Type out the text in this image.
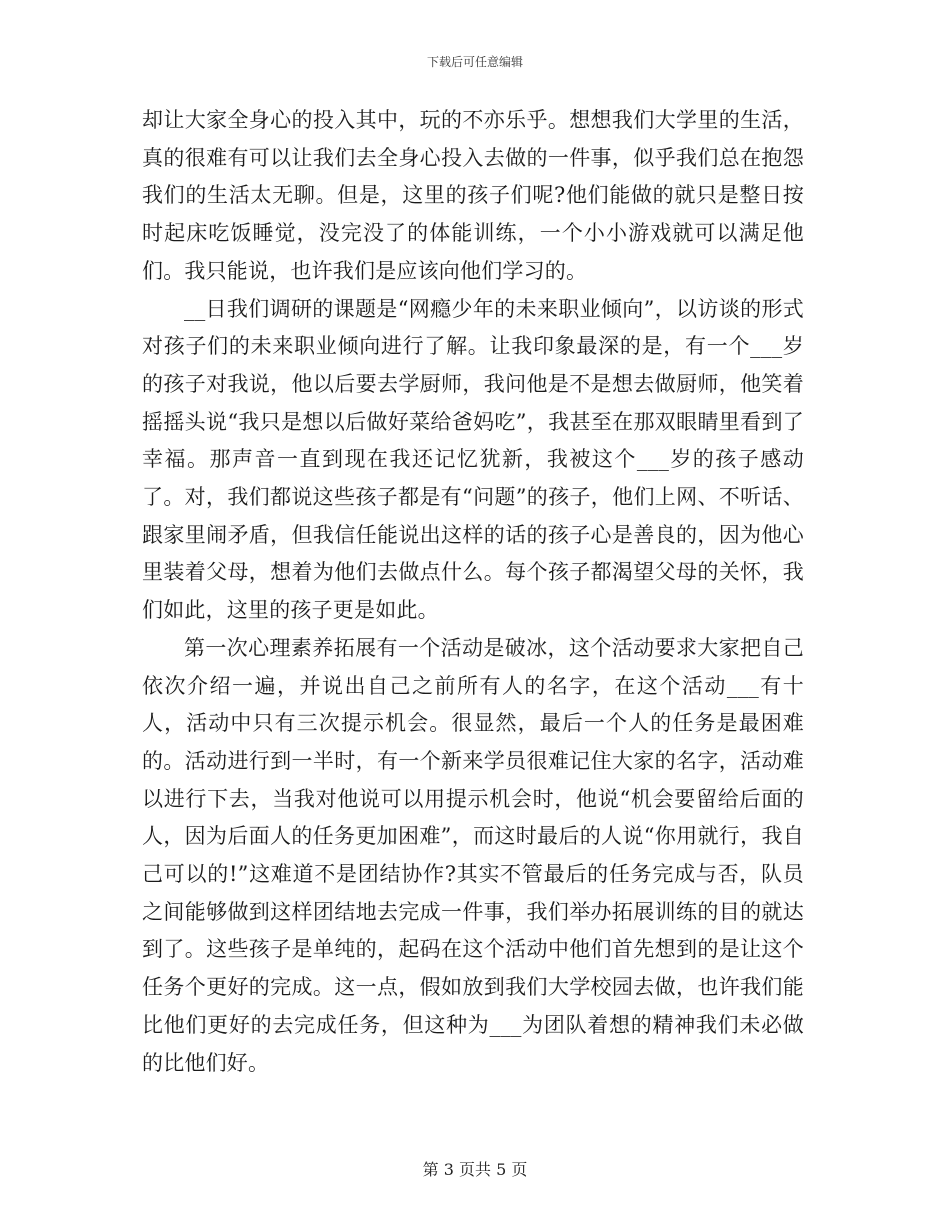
下载后可任意编辑

却让大家全身心的投入其中，玩的不亦乐乎。想想我们大学里的生活，真的很难有可以让我们去全身心投入去做的一件事，似乎我们总在抱怨我们的生活太无聊。但是，这里的孩子们呢?他们能做的就只是整日按时起床吃饭睡觉，没完没了的体能训练，一个小小游戏就可以满足他们。我只能说，也许我们是应该向他们学习的。

__日我们调研的课题是“网瘾少年的未来职业倾向”，以访谈的形式对孩子们的未来职业倾向进行了解。让我印象最深的是，有一个___岁的孩子对我说，他以后要去学厨师，我问他是不是想去做厨师，他笑着摇摇头说“我只是想以后做好菜给爸妈吃”，我甚至在那双眼睛里看到了幸福。那声音一直到现在我还记忆犹新，我被这个___岁的孩子感动了。对，我们都说这些孩子都是有“问题”的孩子，他们上网、不听话、跟家里闹矛盾，但我信任能说出这样的话的孩子心是善良的，因为他心里装着父母，想着为他们去做点什么。每个孩子都渴望父母的关怀，我们如此，这里的孩子更是如此。

第一次心理素养拓展有一个活动是破冰，这个活动要求大家把自己依次介绍一遍，并说出自己之前所有人的名字，在这个活动___有十人，活动中只有三次提示机会。很显然，最后一个人的任务是最困难的。活动进行到一半时，有一个新来学员很难记住大家的名字，活动难以进行下去，当我对他说可以用提示机会时，他说“机会要留给后面的人，因为后面人的任务更加困难”，而这时最后的人说“你用就行，我自己可以的!”这难道不是团结协作?其实不管最后的任务完成与否，队员之间能够做到这样团结地去完成一件事，我们举办拓展训练的目的就达到了。这些孩子是单纯的，起码在这个活动中他们首先想到的是让这个任务个更好的完成。这一点，假如放到我们大学校园去做，也许我们能比他们更好的去完成任务，但这种为___为团队着想的精神我们未必做的比他们好。

第 3 页共 5 页
